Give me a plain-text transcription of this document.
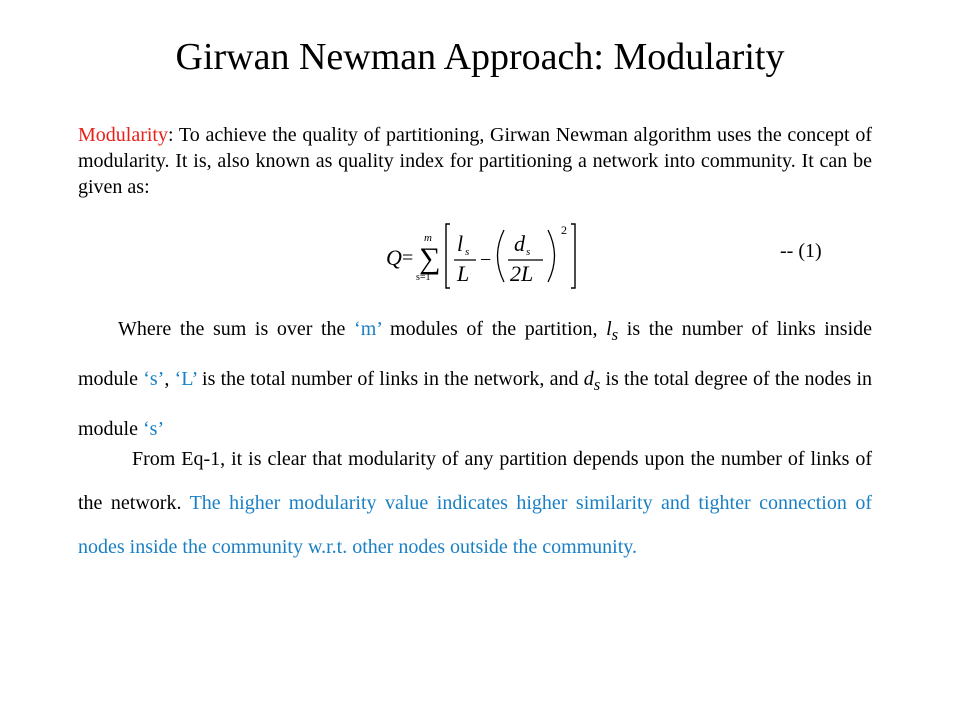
Girwan Newman Approach: Modularity
Modularity: To achieve the quality of partitioning, Girwan Newman algorithm uses the concept of modularity. It is, also known as quality index for partitioning a network into community. It can be given as:
Q =
m
∑
s=1
l s
L
−
d s
2L
2
-- (1)
Where the sum is over the ‘m’ modules of the partition, $l_s$ is the number of links inside module ‘s’, ‘L’ is the total number of links in the network, and $d_s$ is the total degree of the nodes in module ‘s’
From Eq-1, it is clear that modularity of any partition depends upon the number of links of the network. The higher modularity value indicates higher similarity and tighter connection of nodes inside the community w.r.t. other nodes outside the community.
